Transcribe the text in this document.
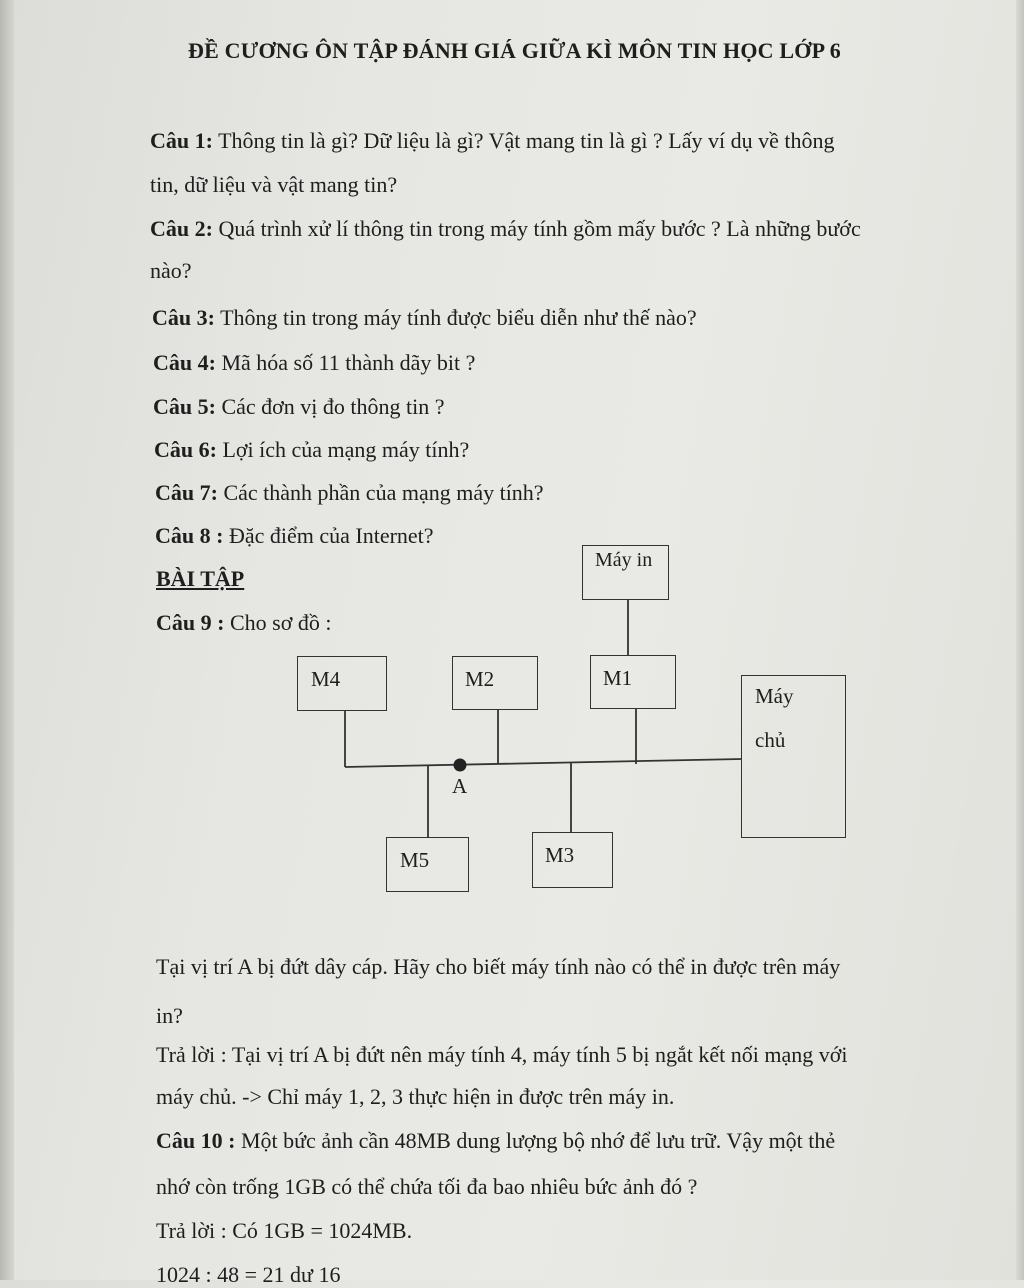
ĐỀ CƯƠNG ÔN TẬP ĐÁNH GIÁ GIỮA KÌ MÔN TIN HỌC LỚP 6
Câu 1: Thông tin là gì? Dữ liệu là gì? Vật mang tin là gì ? Lấy ví dụ về thông
tin, dữ liệu và vật mang tin?
Câu 2: Quá trình xử lí thông tin trong máy tính gồm mấy bước ? Là những bước
nào?
Câu 3: Thông tin trong máy tính được biểu diễn như thế nào?
Câu 4: Mã hóa số 11 thành dãy bit ?
Câu 5: Các đơn vị đo thông tin ?
Câu 6: Lợi ích của mạng máy tính?
Câu 7: Các thành phần của mạng máy tính?
Câu 8 : Đặc điểm của Internet?
BÀI TẬP
Câu 9 : Cho sơ đồ :
Máy in
M4	M2	M1
Máy
chủ
M5	M3
A
Tại vị trí A bị đứt dây cáp. Hãy cho biết máy tính nào có thể in được trên máy
in?
Trả lời : Tại vị trí A bị đứt nên máy tính 4, máy tính 5 bị ngắt kết nối mạng với
máy chủ. -> Chỉ máy 1, 2, 3 thực hiện in được trên máy in.
Câu 10 : Một bức ảnh cần 48MB dung lượng bộ nhớ để lưu trữ. Vậy một thẻ
nhớ còn trống 1GB có thể chứa tối đa bao nhiêu bức ảnh đó ?
Trả lời : Có 1GB = 1024MB.
1024 : 48 = 21 dư 16
